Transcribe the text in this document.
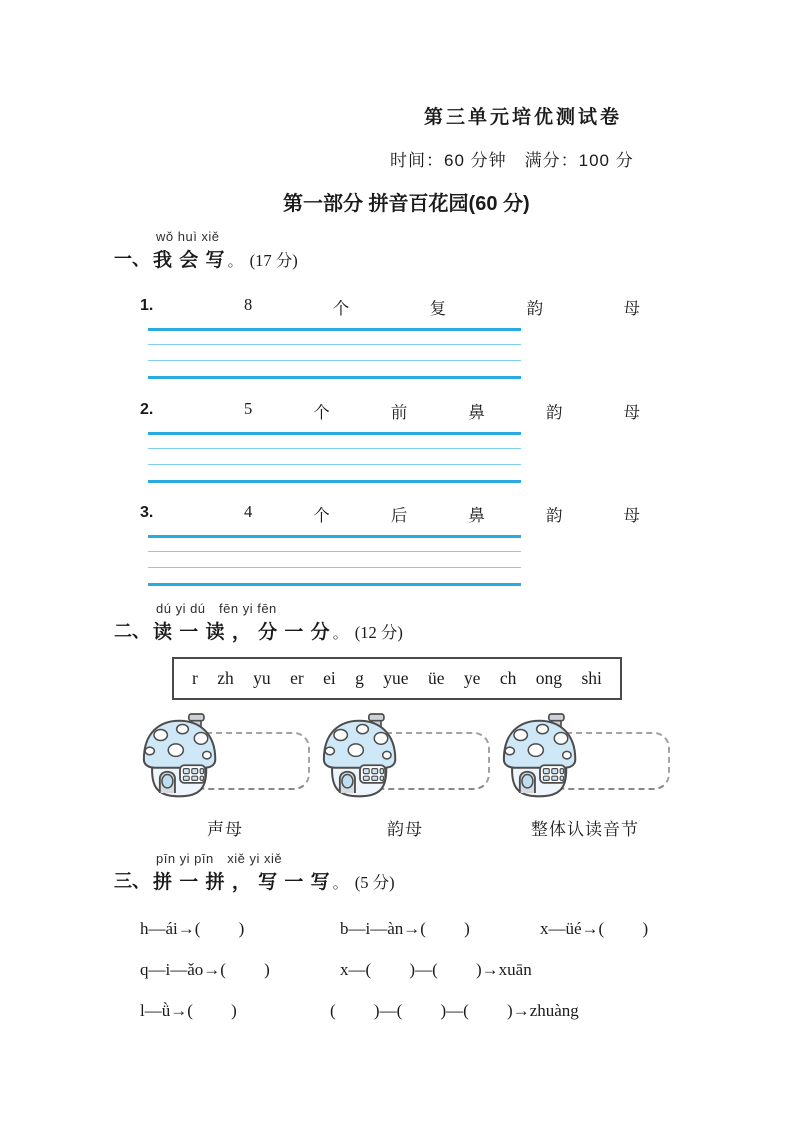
第三单元培优测试卷
时间：60 分钟 满分：100 分
第一部分 拼音百花园(60 分)
一、
wǒ huì xiě
我 会 写 。 (17 分)
1.	8	个	复	韵	母
2.	5	个	前	鼻	韵	母
3.	4	个	后	鼻	韵	母
二、
dú yi dú fēn yi fēn
读 一 读 ， 分 一 分 。 (12 分)
r zh yu er ei g yue üe ye ch ong shi
声母	韵母	整体认读音节
三、
pīn yi pīn xiě yi xiě
拼 一 拼 ， 写 一 写 。 (5 分)
h—ái→(         )	b—i—àn→(         )	x—üé→(         )
q—i—ǎo→(         )	x—(         )—(         )→xuān
l—ǜ→(         )	(         )—(         )—(         )→zhuàng
